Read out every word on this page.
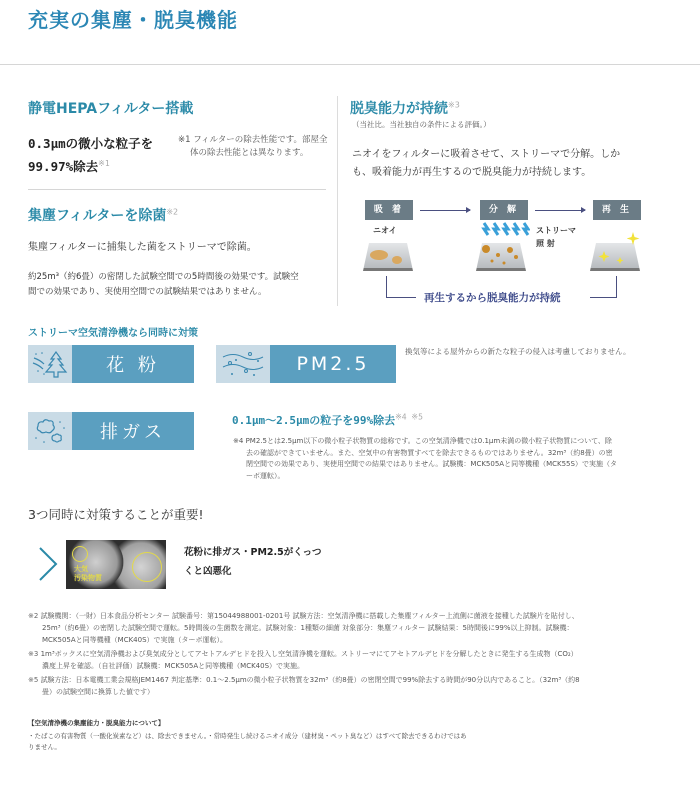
充実の集塵・脱臭機能
静電HEPAフィルター搭載
0.3µmの微小な粒子を
99.97%除去$^{※1}$
※1 フィルターの除去性能です。部屋全
体の除去性能とは異なります。
集塵フィルターを除菌$^{※2}$
集塵フィルターに捕集した菌をストリーマで除菌。
約25m³（約6畳）の密閉した試験空間での5時間後の効果です。試験空
間での効果であり、実使用空間での試験結果ではありません。
脱臭能力が持続$^{※3}$
（当社比。当社独自の条件による評価。）
ニオイをフィルターに吸着させて、ストリーマで分解。しか
も、吸着能力が再生するので脱臭能力が持続します。
吸 着	分 解	再 生
ニオイ	ストリーマ
照 射
再生するから脱臭能力が持続
ストリーマ空気清浄機なら同時に対策
花 粉	PM2.5
換気等による屋外からの新たな粒子の侵入は考慮しておりません。
排ガス
0.1µm～2.5µmの粒子を99%除去$^{※4 ※5}$
※4 PM2.5とは2.5µm以下の微小粒子状物質の総称です。この空気清浄機では0.1µm未満の微小粒子状物質について、除
去の確認ができていません。また、空気中の有害物質すべてを除去できるものではありません。32m³（約8畳）の密
閉空間での効果であり、実使用空間での結果ではありません。試験機：MCK505Aと同等機種（MCK55S）で実施（タ
ーボ運転）。
3つ同時に対策することが重要!
大気
汚染物質
花粉に排ガス・PM2.5がくっつ
くと凶悪化
※2 試験機関：（一財）日本食品分析センター 試験番号：第15044988001-0201号 試験方法：空気清浄機に搭載した集塵フィルター上流側に菌液を接種した試験片を貼付し、
25m³（約6畳）の密閉した試験空間で運転。5時間後の生菌数を測定。試験対象：1種類の細菌 対象部分：集塵フィルター 試験結果：5時間後に99%以上抑制。試験機：
MCK505Aと同等機種（MCK40S）で実施（ターボ運転）。
※3 1m³ボックスに空気清浄機および臭気成分としてアセトアルデヒドを投入し空気清浄機を運転。ストリーマにてアセトアルデヒドを分解したときに発生する生成物（CO₂）
濃度上昇を確認。（自社評価）試験機：MCK505Aと同等機種（MCK40S）で実施。
※5 試験方法：日本電機工業会規格JEM1467 判定基準：0.1～2.5µmの微小粒子状物質を32m³（約8畳）の密閉空間で99%除去する時間が90分以内であること。（32m³（約8
畳）の試験空間に換算した値です）
【空気清浄機の集塵能力・脱臭能力について】
・たばこの有害物質（一酸化炭素など）は、除去できません。・常時発生し続けるニオイ成分（建材臭・ペット臭など）はすべて除去できるわけではあ
りません。
